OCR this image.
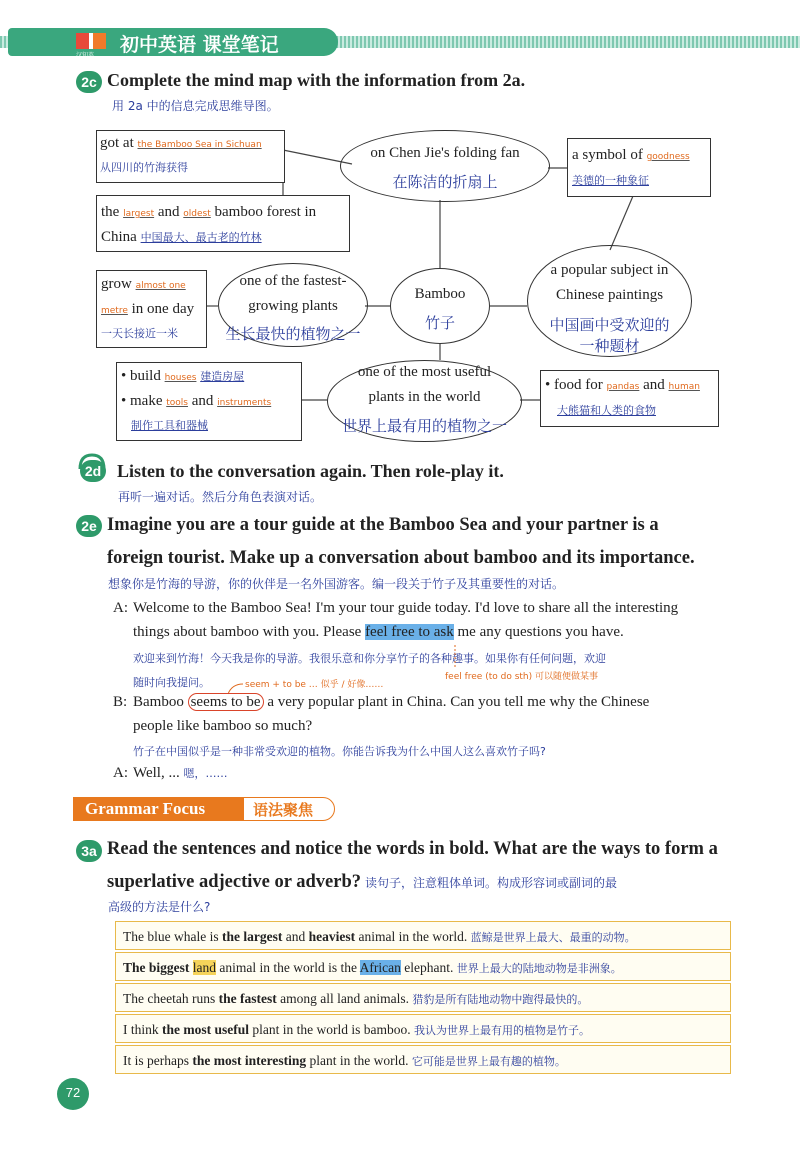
汉知英 初中英语 课堂笔记
2c Complete the mind map with the information from 2a.
用 2a 中的信息完成思维导图。
Bamboo
竹子
on Chen Jie's folding fan
在陈洁的折扇上
one of the fastest-
growing plants
生长最快的植物之一
one of the most useful
plants in the world
世界上最有用的植物之一
a popular subject in
Chinese paintings
中国画中受欢迎的
一种题材
got at the Bamboo Sea in Sichuan
从四川的竹海获得
the largest and oldest bamboo forest in
China 中国最大、最古老的竹林
grow almost one
metre in one day
一天长接近一米
• build houses 建造房屋
• make tools and instruments
制作工具和器械
a symbol of goodness
美德的一种象征
• food for pandas and human
大熊猫和人类的食物
2d Listen to the conversation again. Then role-play it.
再听一遍对话。然后分角色表演对话。
2e Imagine you are a tour guide at the Bamboo Sea and your partner is a
foreign tourist. Make up a conversation about bamboo and its importance.
想象你是竹海的导游，你的伙伴是一名外国游客。编一段关于竹子及其重要性的对话。
A: Welcome to the Bamboo Sea! I'm your tour guide today. I'd love to share all the interesting
things about bamboo with you. Please feel free to ask me any questions you have.
欢迎来到竹海！今天我是你的导游。我很乐意和你分享竹子的各种趣事。如果你有任何问题，欢迎
随时向我提问。	seem + to be … 似乎 / 好像……
feel free (to do sth) 可以随便做某事
B: Bamboo seems to be a very popular plant in China. Can you tell me why the Chinese
people like bamboo so much?
竹子在中国似乎是一种非常受欢迎的植物。你能告诉我为什么中国人这么喜欢竹子吗?
A: Well, ... 嗯，……
Grammar Focus	语法聚焦
3a Read the sentences and notice the words in bold. What are the ways to form a
superlative adjective or adverb? 读句子，注意粗体单词。构成形容词或副词的最
高级的方法是什么?
The blue whale is the largest and heaviest animal in the world. 蓝鲸是世界上最大、最重的动物。
The biggest land animal in the world is the African elephant. 世界上最大的陆地动物是非洲象。
The cheetah runs the fastest among all land animals. 猎豹是所有陆地动物中跑得最快的。
I think the most useful plant in the world is bamboo. 我认为世界上最有用的植物是竹子。
It is perhaps the most interesting plant in the world. 它可能是世界上最有趣的植物。
72
